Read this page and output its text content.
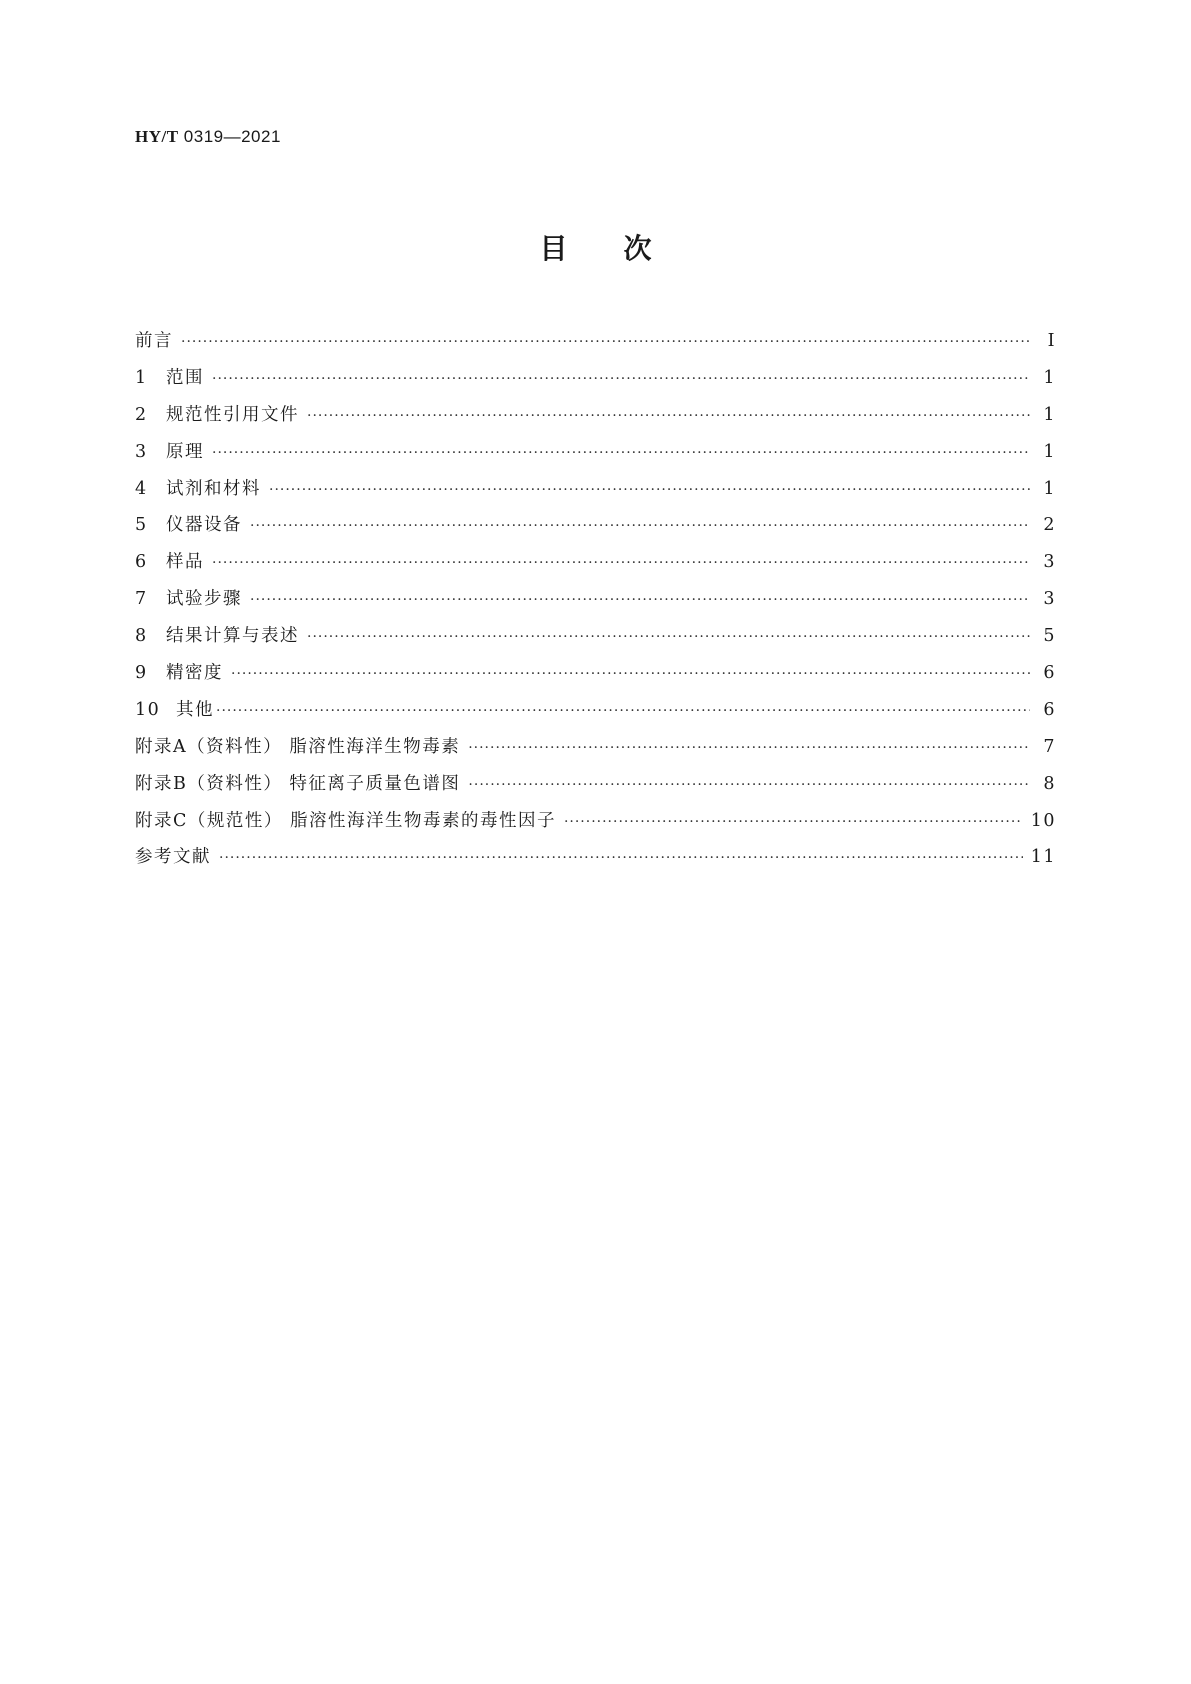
HY/T 0319—2021
目次
前言 ·····	Ⅰ
1 范围 ·····	1
2 规范性引用文件 ·····	1
3 原理 ·····	1
4 试剂和材料 ·····	1
5 仪器设备 ·····	2
6 样品 ·····	3
7 试验步骤 ·····	3
8 结果计算与表述 ·····	5
9 精密度 ·····	6
10 其他 ·····	6
附录A（资料性） 脂溶性海洋生物毒素 ·····	7
附录B（资料性） 特征离子质量色谱图 ·····	8
附录C（规范性） 脂溶性海洋生物毒素的毒性因子 ·····	10
参考文献 ·····	11
